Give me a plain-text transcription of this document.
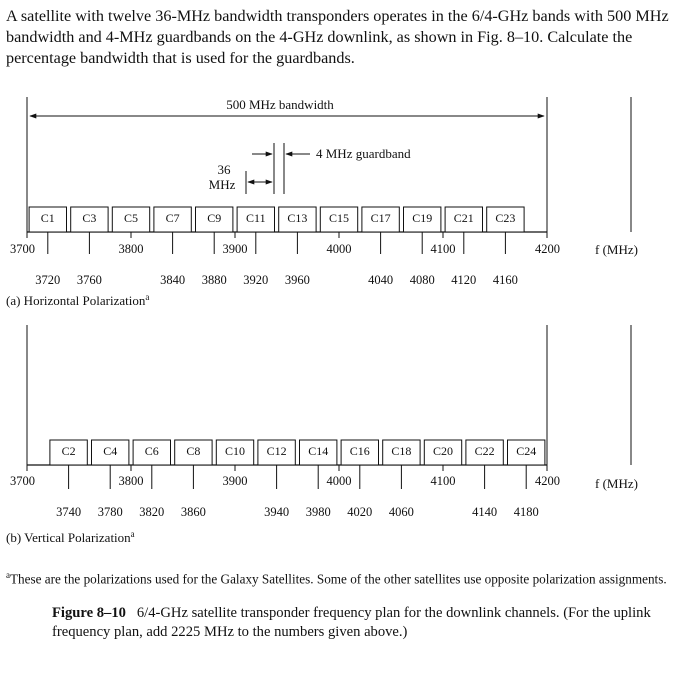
A satellite with twelve 36-MHz bandwidth transponders operates in the 6/4-GHz bands with 500 MHz bandwidth and 4-MHz guardbands on the 4-GHz downlink, as shown in Fig. 8–10. Calculate the percentage bandwidth that is used for the guardbands.

500 MHz bandwidth
4 MHz guardband
36
MHz
f (MHz)
C1 C3 C5 C7 C9 C11 C13 C15 C17 C19 C21 C23
3700	3800	3900	4000	4100	4200
3720 3760	3840 3880 3920 3960	4040 4080 4120 4160
(a) Horizontal Polarization$^a$
f (MHz)
C2 C4 C6 C8 C10 C12 C14 C16 C18 C20 C22 C24
3700	3800	3900	4000	4100	4200
3740 3780 3820 3860	3940 3980 4020 4060	4140 4180
(b) Vertical Polarization$^a$

$^a$These are the polarizations used for the Galaxy Satellites. Some of the other satellites use opposite polarization assignments.

Figure 8–10 6/4-GHz satellite transponder frequency plan for the downlink channels. (For the uplink frequency plan, add 2225 MHz to the numbers given above.)
